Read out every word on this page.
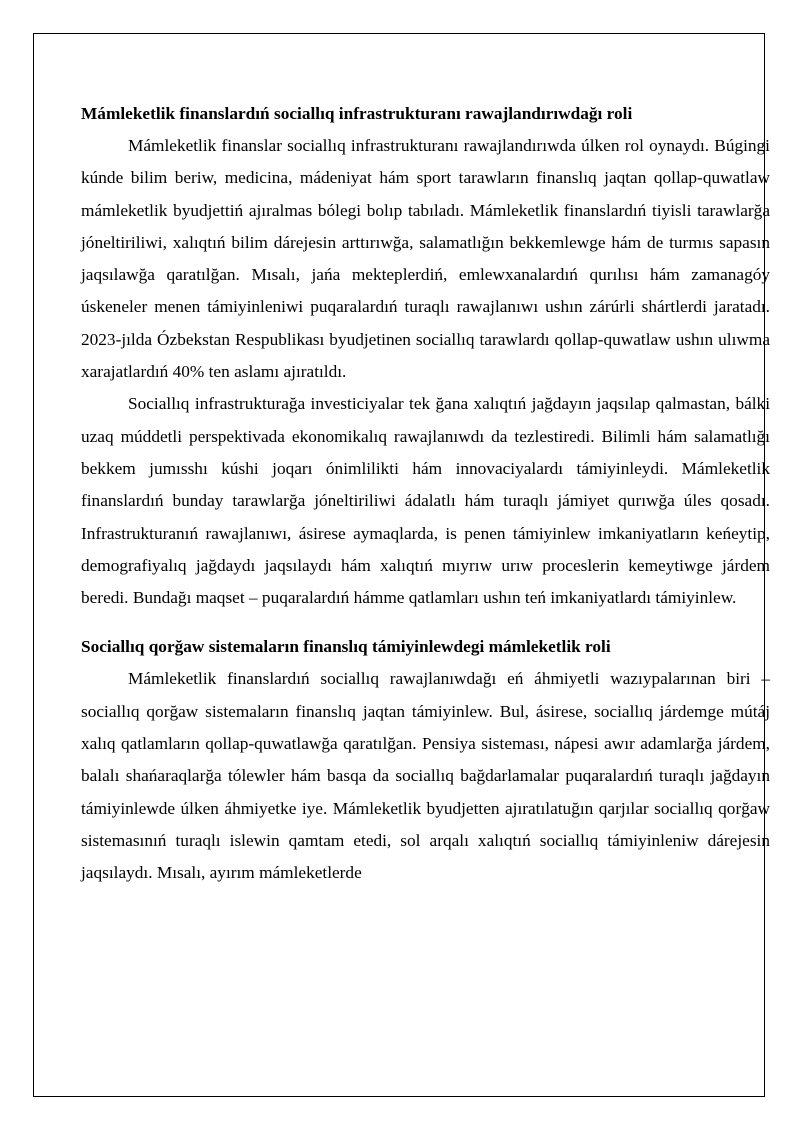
Mámleketlik finanslardıń sociallıq infrastrukturanı rawajlandırıwdağı roli

Mámleketlik finanslar sociallıq infrastrukturanı rawajlandırıwda úlken rol oynaydı. Búgingi kúnde bilim beriw, medicina, mádeniyat hám sport tarawların finanslıq jaqtan qollap-quwatlaw mámleketlik byudjettiń ajıralmas bólegi bolıp tabıladı. Mámleketlik finanslardıń tiyisli tarawlarğa jóneltiriliwi, xalıqtıń bilim dárejesin arttırıwğa, salamatlığın bekkemlewge hám de turmıs sapasın jaqsılawğa qaratılğan. Mısalı, jańa mekteplerdiń, emlewxanalardıń qurılısı hám zamanagóy úskeneler menen támiyinleniwi puqaralardıń turaqlı rawajlanıwı ushın zárúrli shártlerdi jaratadı. 2023-jılda Ózbekstan Respublikası byudjetinen sociallıq tarawlardı qollap-quwatlaw ushın ulıwma xarajatlardıń 40% ten aslamı ajıratıldı.

Sociallıq infrastrukturağa investiciyalar tek ğana xalıqtıń jağdayın jaqsılap qalmastan, bálki uzaq múddetli perspektivada ekonomikalıq rawajlanıwdı da tezlestiredi. Bilimli hám salamatlığı bekkem jumısshı kúshi joqarı ónimlilikti hám innovaciyalardı támiyinleydi. Mámleketlik finanslardıń bunday tarawlarğa jóneltiriliwi ádalatlı hám turaqlı jámiyet qurıwğa úles qosadı. Infrastrukturanıń rawajlanıwı, ásirese aymaqlarda, is penen támiyinlew imkaniyatların keńeytip, demografiyalıq jağdaydı jaqsılaydı hám xalıqtıń mıyrıw urıw proceslerin kemeytiwge járdem beredi. Bundağı maqset – puqaralardıń hámme qatlamları ushın teń imkaniyatlardı támiyinlew.

Sociallıq qorğaw sistemaların finanslıq támiyinlewdegi mámleketlik roli

Mámleketlik finanslardıń sociallıq rawajlanıwdağı eń áhmiyetli wazıypalarınan biri – sociallıq qorğaw sistemaların finanslıq jaqtan támiyinlew. Bul, ásirese, sociallıq járdemge mútáj xalıq qatlamların qollap-quwatlawğa qaratılğan. Pensiya sisteması, nápesi awır adamlarğa járdem, balalı shańaraqlarğa tólewler hám basqa da sociallıq bağdarlamalar puqaralardıń turaqlı jağdayın támiyinlewde úlken áhmiyetke iye. Mámleketlik byudjetten ajıratılatuğın qarjılar sociallıq qorğaw sistemasınıń turaqlı islewin qamtam etedi, sol arqalı xalıqtıń sociallıq támiyinleniw dárejesin jaqsılaydı. Mısalı, ayırım mámleketlerde
